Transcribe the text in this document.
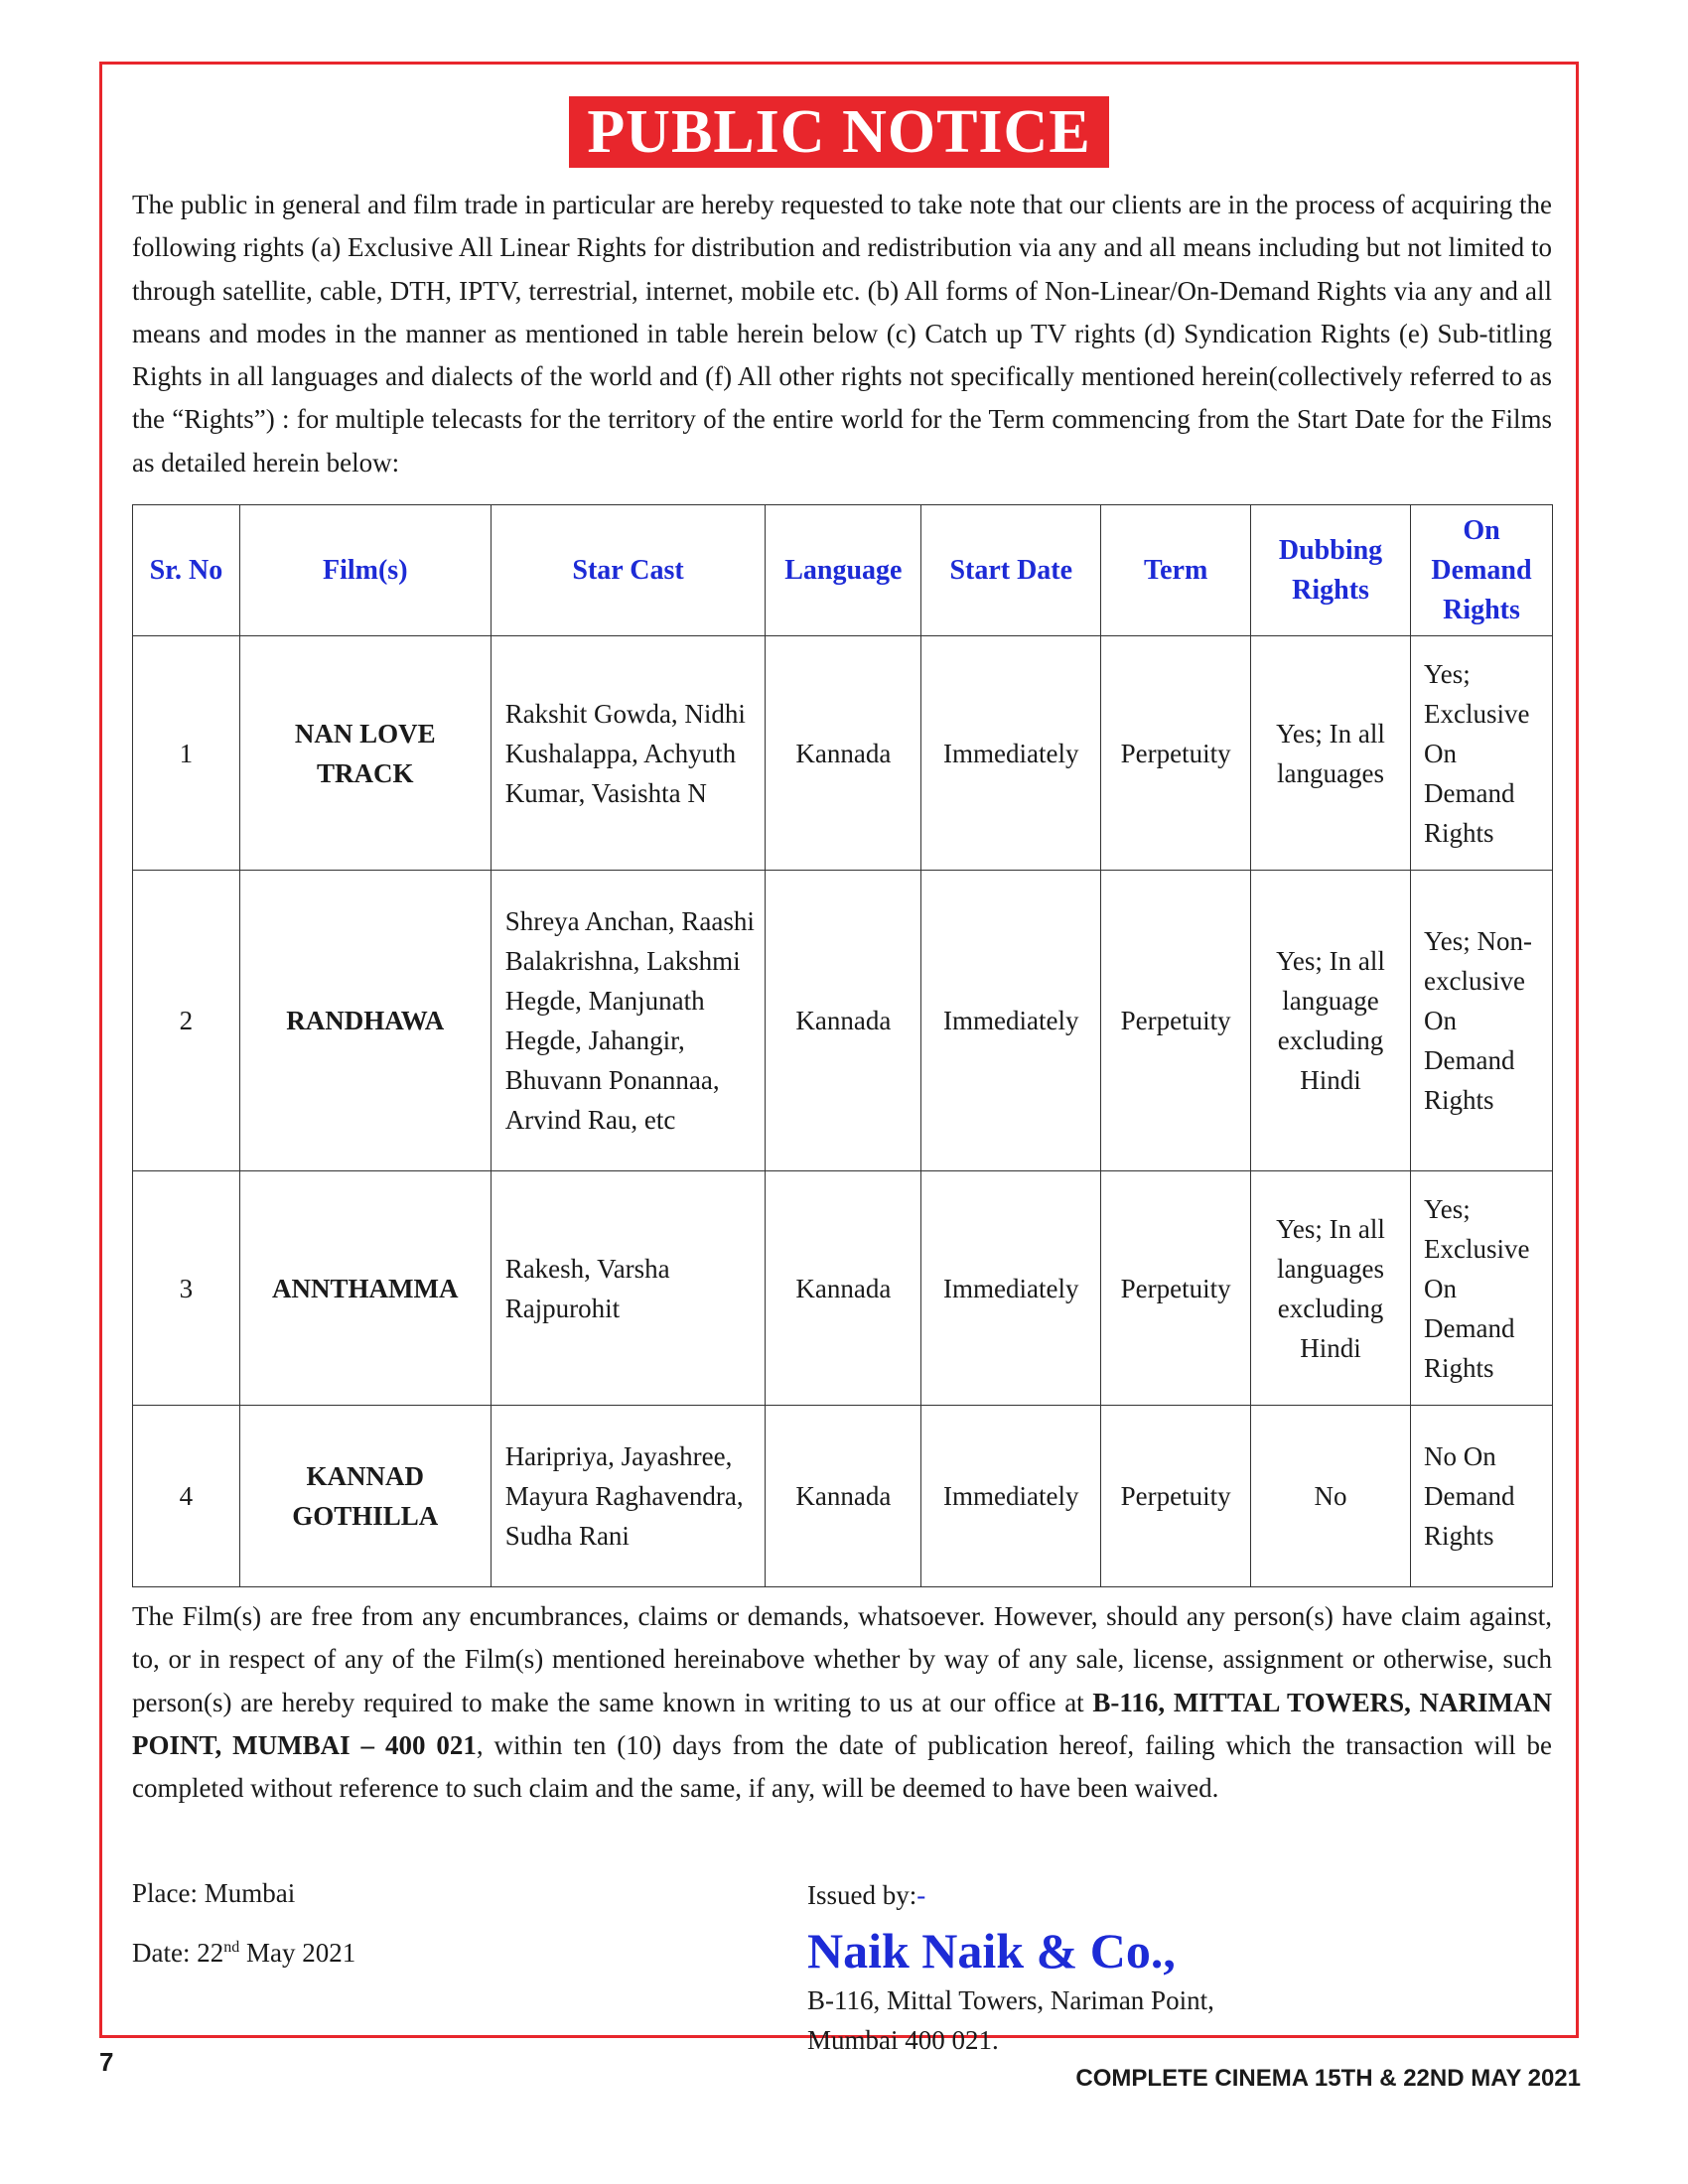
PUBLIC NOTICE

The public in general and film trade in particular are hereby requested to take note that our clients are in the process of acquiring the following rights (a) Exclusive All Linear Rights for distribution and redistribution via any and all means including but not limited to through satellite, cable, DTH, IPTV, terrestrial, internet, mobile etc. (b) All forms of Non-Linear/On-Demand Rights via any and all means and modes in the manner as mentioned in table herein below (c) Catch up TV rights (d) Syndication Rights (e) Sub-titling Rights in all languages and dialects of the world and (f) All other rights not specifically mentioned herein(collectively referred to as the “Rights”) : for multiple telecasts for the territory of the entire world for the Term commencing from the Start Date for the Films as detailed herein below:

Sr. No	Film(s)	Star Cast	Language	Start Date	Term	Dubbing Rights	On Demand Rights
1	NAN LOVE TRACK	Rakshit Gowda, Nidhi Kushalappa, Achyuth Kumar, Vasishta N	Kannada	Immediately	Perpetuity	Yes; In all languages	Yes; Exclusive On Demand Rights
2	RANDHAWA	Shreya Anchan, Raashi Balakrishna, Lakshmi Hegde, Manjunath Hegde, Jahangir, Bhuvann Ponannaa, Arvind Rau, etc	Kannada	Immediately	Perpetuity	Yes; In all language excluding Hindi	Yes; Non-exclusive On Demand Rights
3	ANNTHAMMA	Rakesh, Varsha Rajpurohit	Kannada	Immediately	Perpetuity	Yes; In all languages excluding Hindi	Yes; Exclusive On Demand Rights
4	KANNAD GOTHILLA	Haripriya, Jayashree, Mayura Raghavendra, Sudha Rani	Kannada	Immediately	Perpetuity	No	No On Demand Rights

The Film(s) are free from any encumbrances, claims or demands, whatsoever. However, should any person(s) have claim against, to, or in respect of any of the Film(s) mentioned hereinabove whether by way of any sale, license, assignment or otherwise, such person(s) are hereby required to make the same known in writing to us at our office at B-116, MITTAL TOWERS, NARIMAN POINT, MUMBAI – 400 021, within ten (10) days from the date of publication hereof, failing which the transaction will be completed without reference to such claim and the same, if any, will be deemed to have been waived.

Place: Mumbai
Date: 22nd May 2021
Issued by:-
Naik Naik & Co.,
B-116, Mittal Towers, Nariman Point,
Mumbai 400 021.
7
COMPLETE CINEMA 15TH & 22ND MAY 2021
